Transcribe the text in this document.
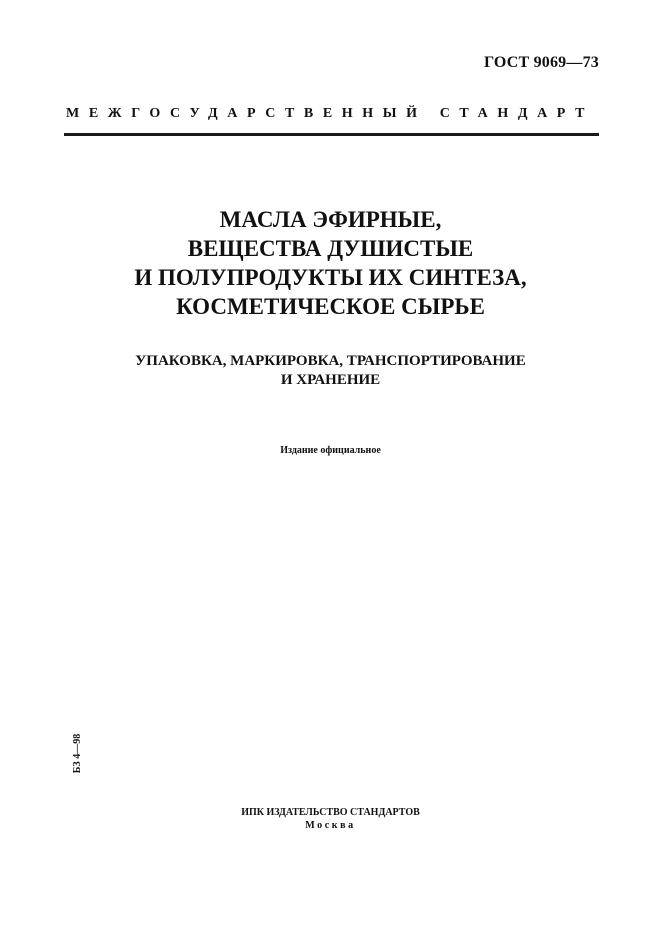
ГОСТ 9069—73
МЕЖГОСУДАРСТВЕННЫЙ СТАНДАРТ
МАСЛА ЭФИРНЫЕ,
ВЕЩЕСТВА ДУШИСТЫЕ
И ПОЛУПРОДУКТЫ ИХ СИНТЕЗА,
КОСМЕТИЧЕСКОЕ СЫРЬЕ
УПАКОВКА, МАРКИРОВКА, ТРАНСПОРТИРОВАНИЕ
И ХРАНЕНИЕ
Издание официальное
БЗ 4—98
ИПК ИЗДАТЕЛЬСТВО СТАНДАРТОВ
Москва
